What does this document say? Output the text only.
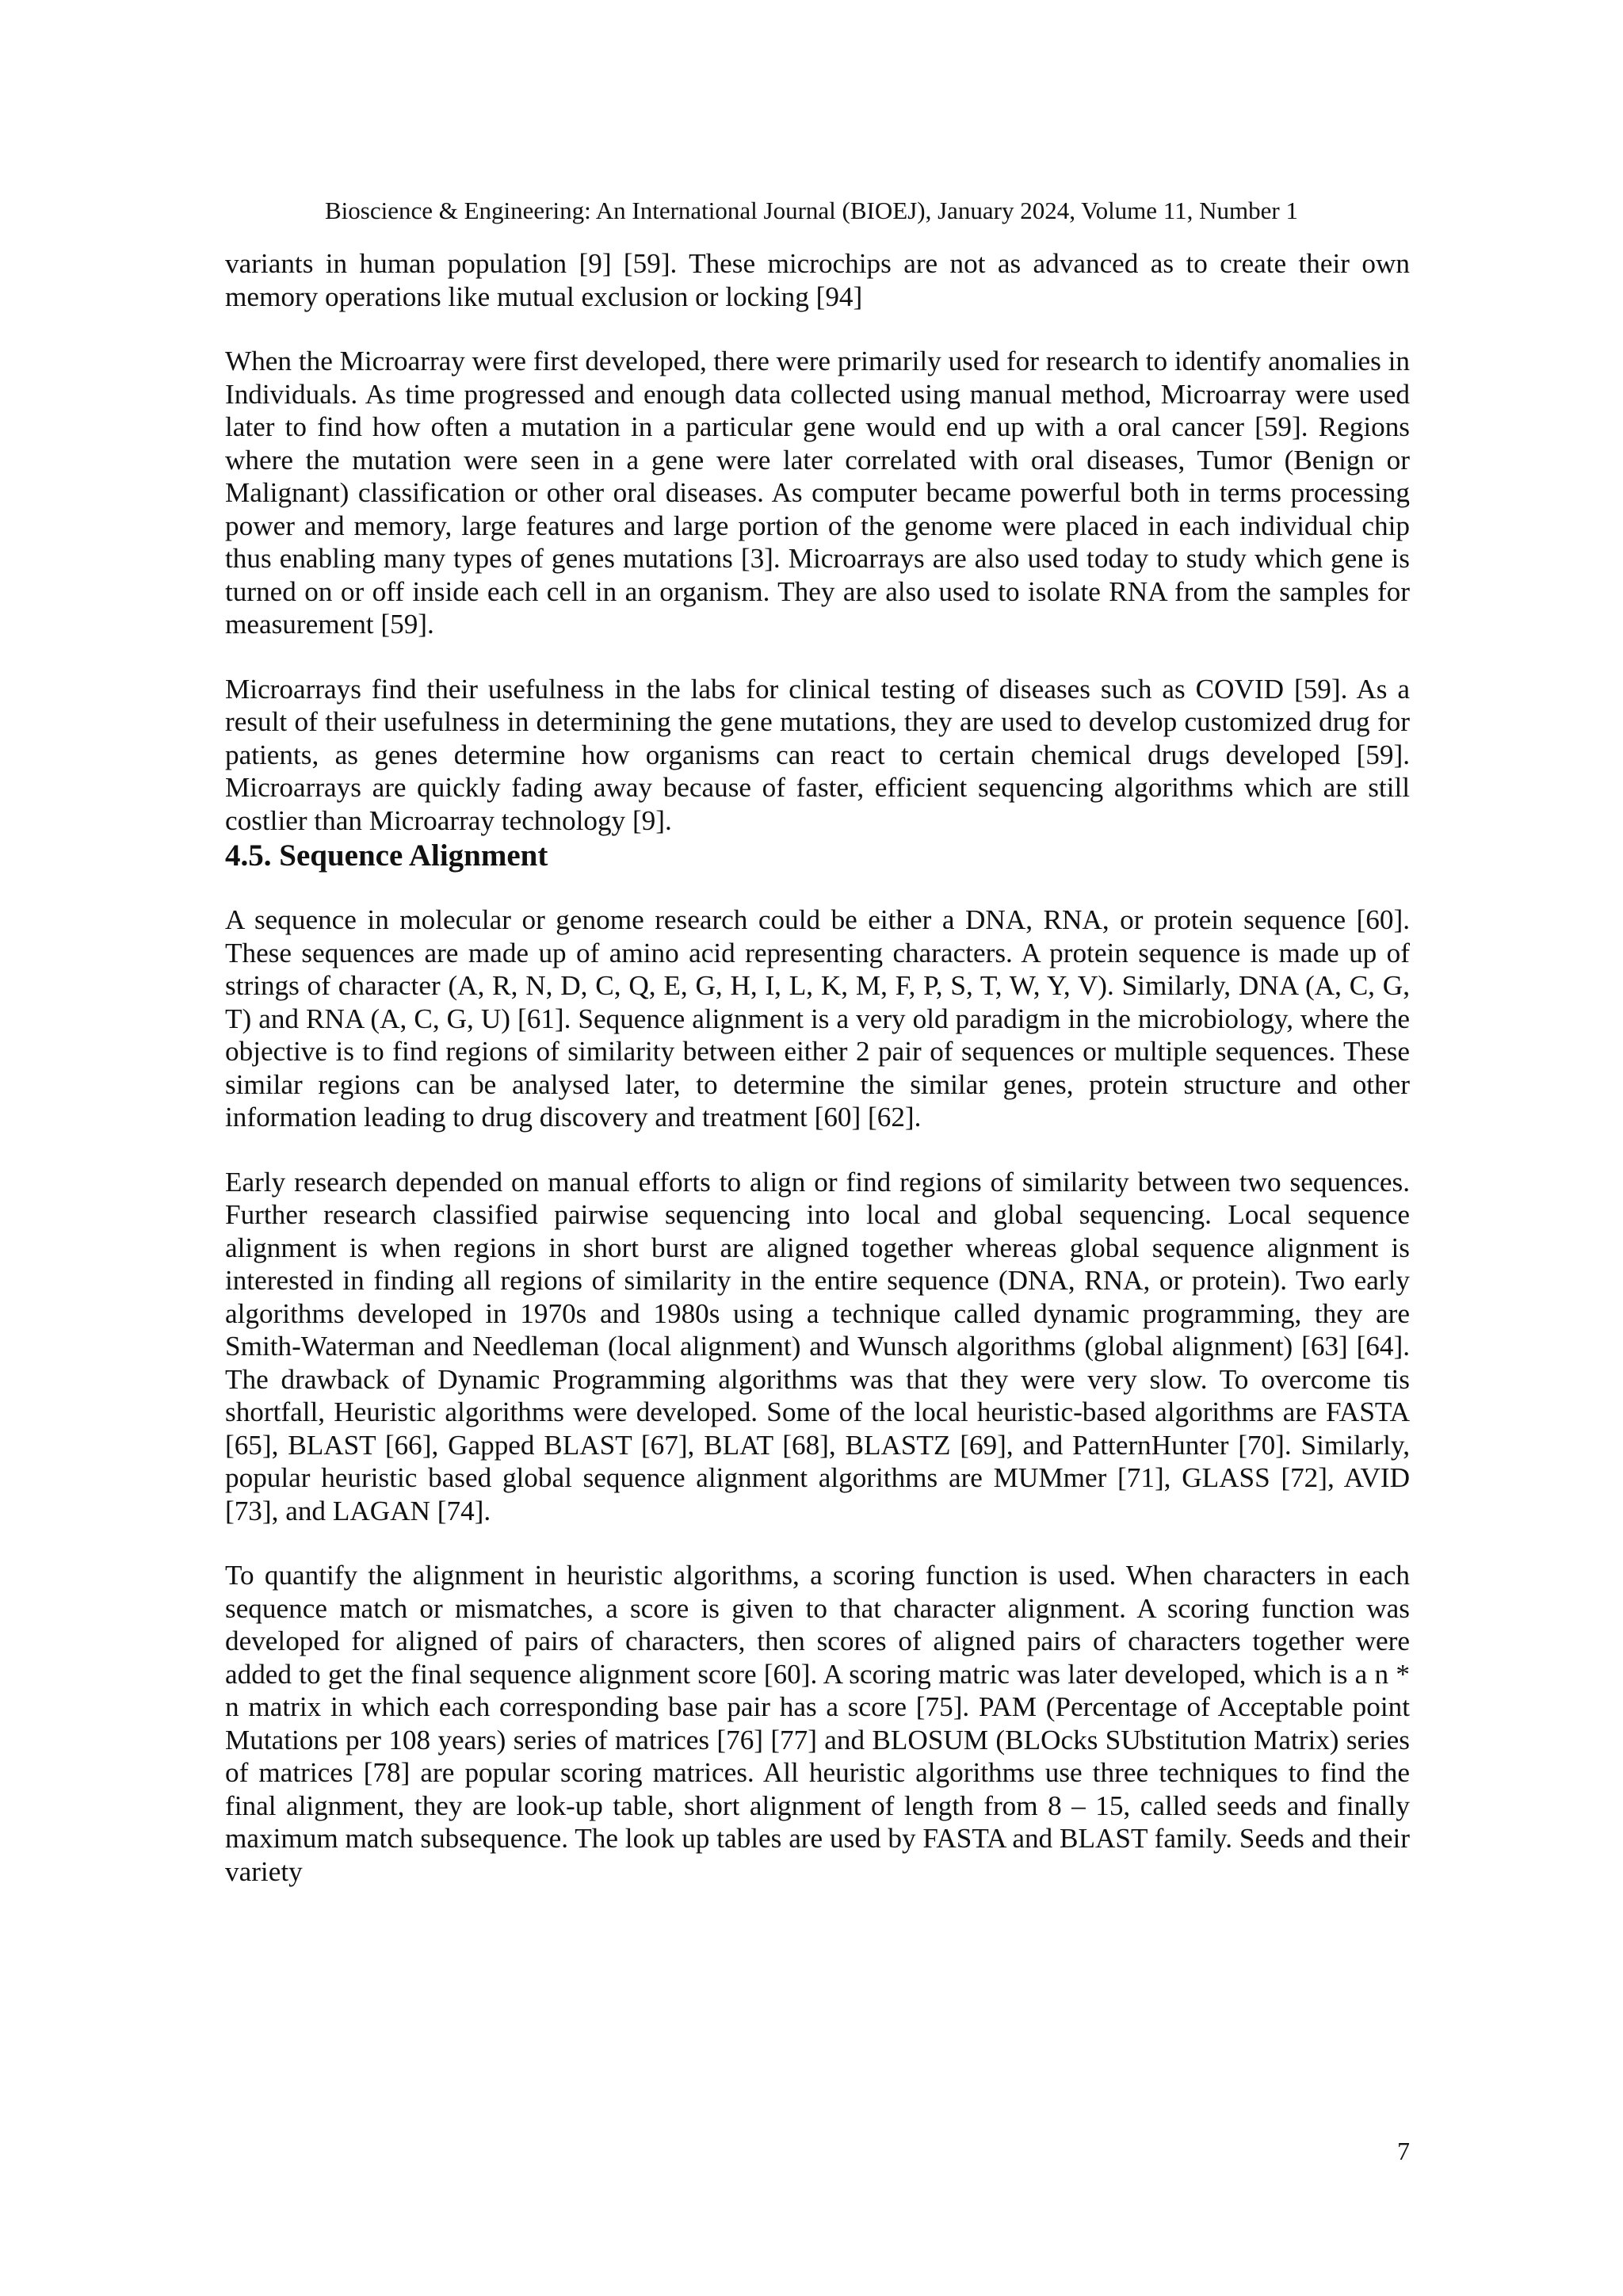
Bioscience & Engineering: An International Journal (BIOEJ), January 2024, Volume 11, Number 1

variants in human population [9] [59]. These microchips are not as advanced as to create their own memory operations like mutual exclusion or locking [94]

When the Microarray were first developed, there were primarily used for research to identify anomalies in Individuals. As time progressed and enough data collected using manual method, Microarray were used later to find how often a mutation in a particular gene would end up with a oral cancer [59]. Regions where the mutation were seen in a gene were later correlated with oral diseases, Tumor (Benign or Malignant) classification or other oral diseases. As computer became powerful both in terms processing power and memory, large features and large portion of the genome were placed in each individual chip thus enabling many types of genes mutations [3]. Microarrays are also used today to study which gene is turned on or off inside each cell in an organism. They are also used to isolate RNA from the samples for measurement [59].

Microarrays find their usefulness in the labs for clinical testing of diseases such as COVID [59]. As a result of their usefulness in determining the gene mutations, they are used to develop customized drug for patients, as genes determine how organisms can react to certain chemical drugs developed [59]. Microarrays are quickly fading away because of faster, efficient sequencing algorithms which are still costlier than Microarray technology [9].

4.5. Sequence Alignment

A sequence in molecular or genome research could be either a DNA, RNA, or protein sequence [60]. These sequences are made up of amino acid representing characters. A protein sequence is made up of strings of character (A, R, N, D, C, Q, E, G, H, I, L, K, M, F, P, S, T, W, Y, V). Similarly, DNA (A, C, G, T) and RNA (A, C, G, U) [61]. Sequence alignment is a very old paradigm in the microbiology, where the objective is to find regions of similarity between either 2 pair of sequences or multiple sequences. These similar regions can be analysed later, to determine the similar genes, protein structure and other information leading to drug discovery and treatment [60] [62].

Early research depended on manual efforts to align or find regions of similarity between two sequences. Further research classified pairwise sequencing into local and global sequencing. Local sequence alignment is when regions in short burst are aligned together whereas global sequence alignment is interested in finding all regions of similarity in the entire sequence (DNA, RNA, or protein). Two early algorithms developed in 1970s and 1980s using a technique called dynamic programming, they are Smith-Waterman and Needleman (local alignment) and Wunsch algorithms (global alignment) [63] [64]. The drawback of Dynamic Programming algorithms was that they were very slow. To overcome tis shortfall, Heuristic algorithms were developed. Some of the local heuristic-based algorithms are FASTA [65], BLAST [66], Gapped BLAST [67], BLAT [68], BLASTZ [69], and PatternHunter [70]. Similarly, popular heuristic based global sequence alignment algorithms are MUMmer [71], GLASS [72], AVID [73], and LAGAN [74].

To quantify the alignment in heuristic algorithms, a scoring function is used. When characters in each sequence match or mismatches, a score is given to that character alignment. A scoring function was developed for aligned of pairs of characters, then scores of aligned pairs of characters together were added to get the final sequence alignment score [60]. A scoring matric was later developed, which is a n * n matrix in which each corresponding base pair has a score [75]. PAM (Percentage of Acceptable point Mutations per 108 years) series of matrices [76] [77] and BLOSUM (BLOcks SUbstitution Matrix) series of matrices [78] are popular scoring matrices. All heuristic algorithms use three techniques to find the final alignment, they are look-up table, short alignment of length from 8 – 15, called seeds and finally maximum match subsequence. The look up tables are used by FASTA and BLAST family. Seeds and their variety

7
